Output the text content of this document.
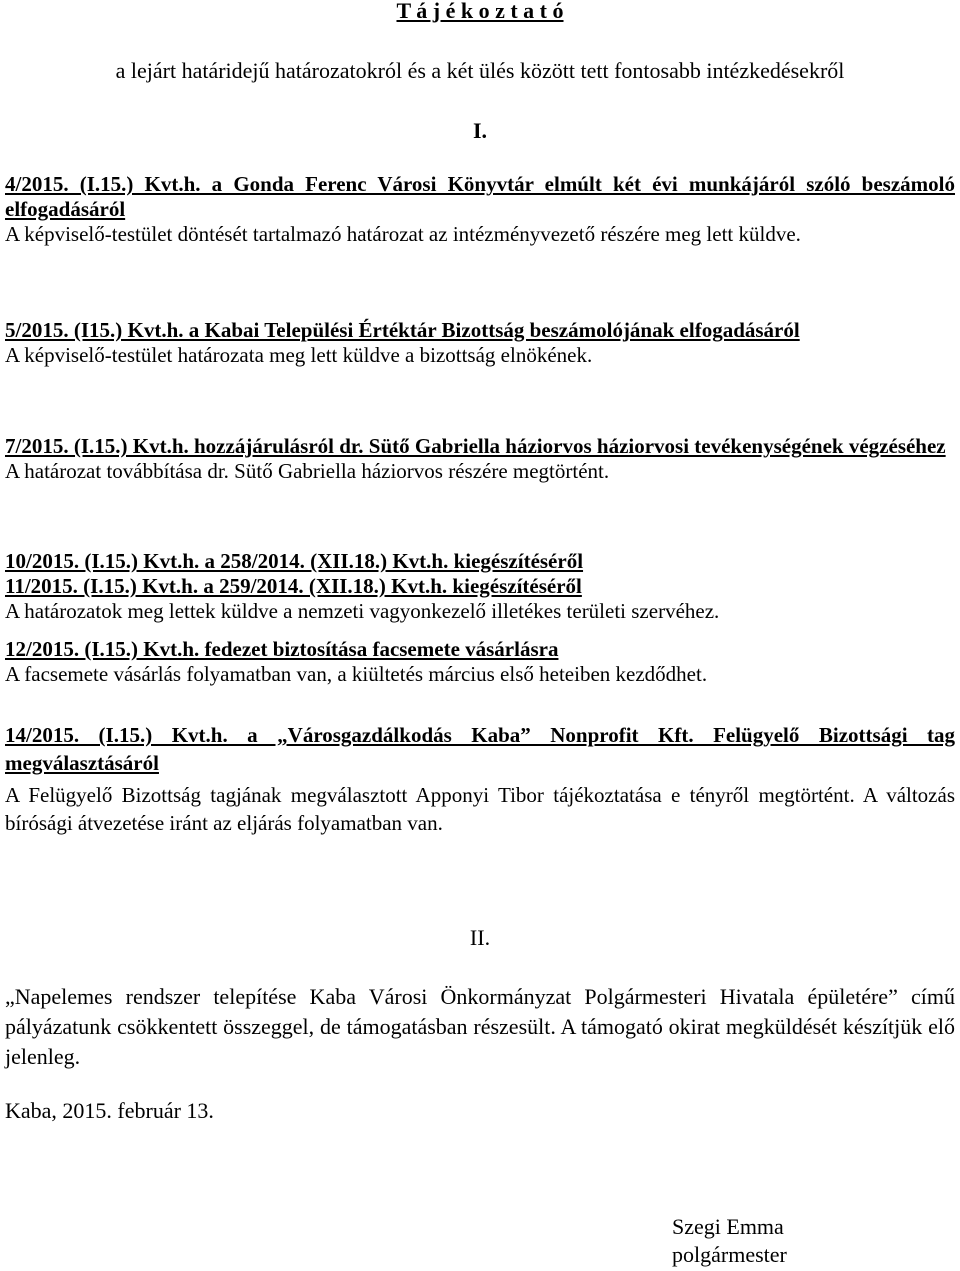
T á j é k o z t a t ó
a lejárt határidejű határozatokról és a két ülés között tett fontosabb intézkedésekről
I.
4/2015. (I.15.) Kvt.h. a Gonda Ferenc Városi Könyvtár elmúlt két évi munkájáról szóló beszámoló elfogadásáról
A képviselő-testület döntését tartalmazó határozat az intézményvezető részére meg lett küldve.
5/2015. (I15.) Kvt.h. a Kabai Települési Értéktár Bizottság beszámolójának elfogadásáról
A képviselő-testület határozata meg lett küldve a bizottság elnökének.
7/2015. (I.15.) Kvt.h. hozzájárulásról dr. Sütő Gabriella háziorvos háziorvosi tevékenységének végzéséhez
A határozat továbbítása dr. Sütő Gabriella háziorvos részére megtörtént.
10/2015. (I.15.) Kvt.h. a 258/2014. (XII.18.) Kvt.h. kiegészítéséről
11/2015. (I.15.) Kvt.h. a 259/2014. (XII.18.) Kvt.h. kiegészítéséről
A határozatok meg lettek küldve a nemzeti vagyonkezelő illetékes területi szervéhez.
12/2015. (I.15.) Kvt.h. fedezet biztosítása facsemete vásárlásra
A facsemete vásárlás folyamatban van, a kiültetés március első heteiben kezdődhet.
14/2015. (I.15.) Kvt.h. a „Városgazdálkodás Kaba” Nonprofit Kft. Felügyelő Bizottsági tag megválasztásáról
A Felügyelő Bizottság tagjának megválasztott Apponyi Tibor tájékoztatása e tényről megtörtént. A változás bírósági átvezetése iránt az eljárás folyamatban van.
II.
„Napelemes rendszer telepítése Kaba Városi Önkormányzat Polgármesteri Hivatala épületére” című pályázatunk csökkentett összeggel, de támogatásban részesült. A támogató okirat megküldését készítjük elő jelenleg.
Kaba, 2015. február 13.
Szegi Emma
polgármester
